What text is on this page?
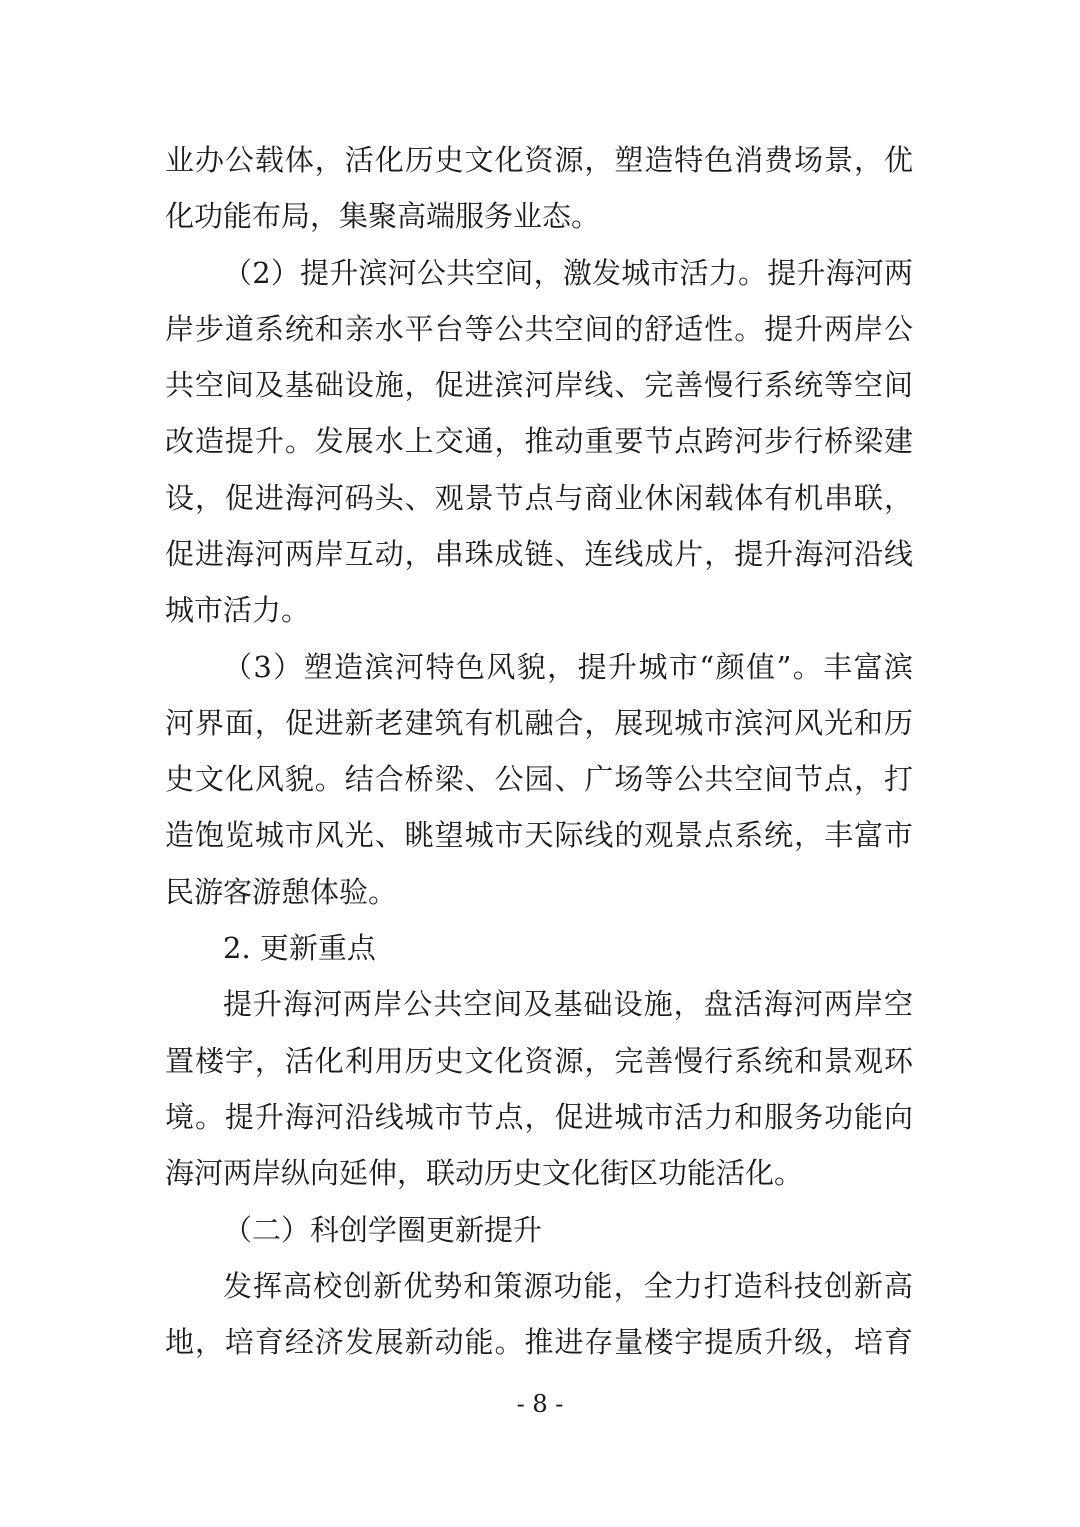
业办公载体，活化历史文化资源，塑造特色消费场景，优
化功能布局，集聚高端服务业态。
（2）提升滨河公共空间，激发城市活力。提升海河两
岸步道系统和亲水平台等公共空间的舒适性。提升两岸公
共空间及基础设施，促进滨河岸线、完善慢行系统等空间
改造提升。发展水上交通，推动重要节点跨河步行桥梁建
设，促进海河码头、观景节点与商业休闲载体有机串联，
促进海河两岸互动，串珠成链、连线成片，提升海河沿线
城市活力。
（3）塑造滨河特色风貌，提升城市“颜值”。丰富滨
河界面，促进新老建筑有机融合，展现城市滨河风光和历
史文化风貌。结合桥梁、公园、广场等公共空间节点，打
造饱览城市风光、眺望城市天际线的观景点系统，丰富市
民游客游憩体验。
2. 更新重点
提升海河两岸公共空间及基础设施，盘活海河两岸空
置楼宇，活化利用历史文化资源，完善慢行系统和景观环
境。提升海河沿线城市节点，促进城市活力和服务功能向
海河两岸纵向延伸，联动历史文化街区功能活化。
（二）科创学圈更新提升
发挥高校创新优势和策源功能，全力打造科技创新高
地，培育经济发展新动能。推进存量楼宇提质升级，培育
- 8 -
